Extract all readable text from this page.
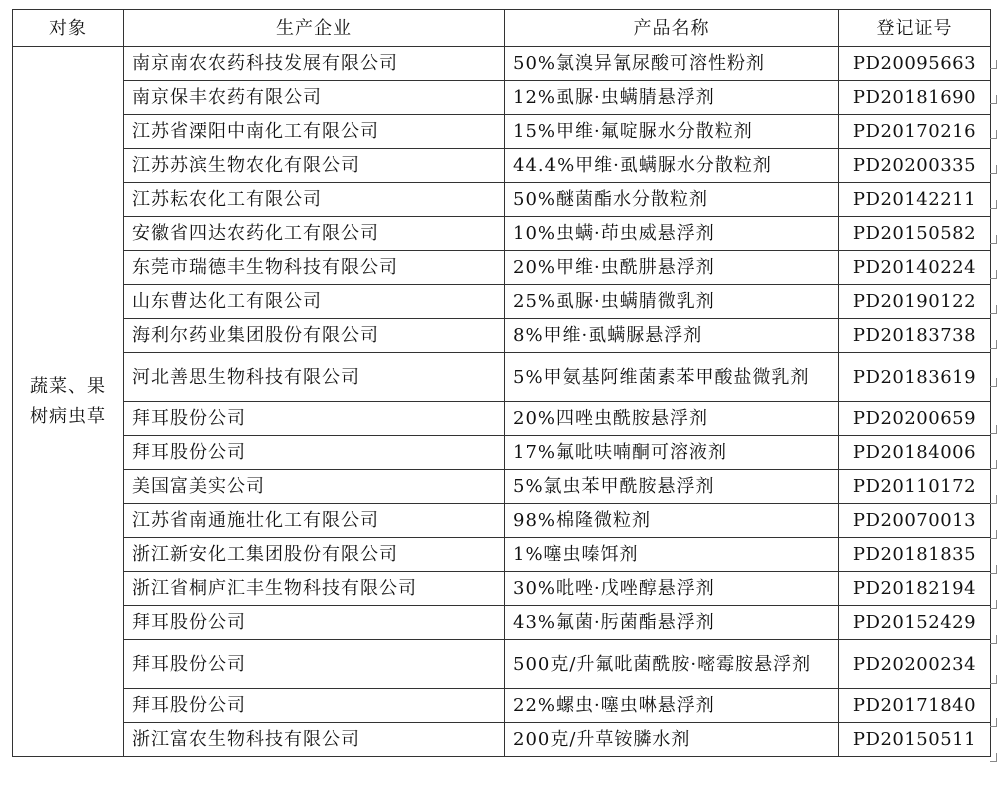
对象	生产企业	产品名称	登记证号
蔬菜、果树病虫草	南京南农农药科技发展有限公司	50%氯溴异氰尿酸可溶性粉剂	PD20095663
	南京保丰农药有限公司	12%虱脲·虫螨腈悬浮剂	PD20181690
	江苏省溧阳中南化工有限公司	15%甲维·氟啶脲水分散粒剂	PD20170216
	江苏苏滨生物农化有限公司	44.4%甲维·虱螨脲水分散粒剂	PD20200335
	江苏耘农化工有限公司	50%醚菌酯水分散粒剂	PD20142211
	安徽省四达农药化工有限公司	10%虫螨·茚虫威悬浮剂	PD20150582
	东莞市瑞德丰生物科技有限公司	20%甲维·虫酰肼悬浮剂	PD20140224
	山东曹达化工有限公司	25%虱脲·虫螨腈微乳剂	PD20190122
	海利尔药业集团股份有限公司	8%甲维·虱螨脲悬浮剂	PD20183738
	河北善思生物科技有限公司	5%甲氨基阿维菌素苯甲酸盐微乳剂	PD20183619
	拜耳股份公司	20%四唑虫酰胺悬浮剂	PD20200659
	拜耳股份公司	17%氟吡呋喃酮可溶液剂	PD20184006
	美国富美实公司	5%氯虫苯甲酰胺悬浮剂	PD20110172
	江苏省南通施壮化工有限公司	98%棉隆微粒剂	PD20070013
	浙江新安化工集团股份有限公司	1%噻虫嗪饵剂	PD20181835
	浙江省桐庐汇丰生物科技有限公司	30%吡唑·戊唑醇悬浮剂	PD20182194
	拜耳股份公司	43%氟菌·肟菌酯悬浮剂	PD20152429
	拜耳股份公司	500克/升氟吡菌酰胺·嘧霉胺悬浮剂	PD20200234
	拜耳股份公司	22%螺虫·噻虫啉悬浮剂	PD20171840
	浙江富农生物科技有限公司	200克/升草铵膦水剂	PD20150511
